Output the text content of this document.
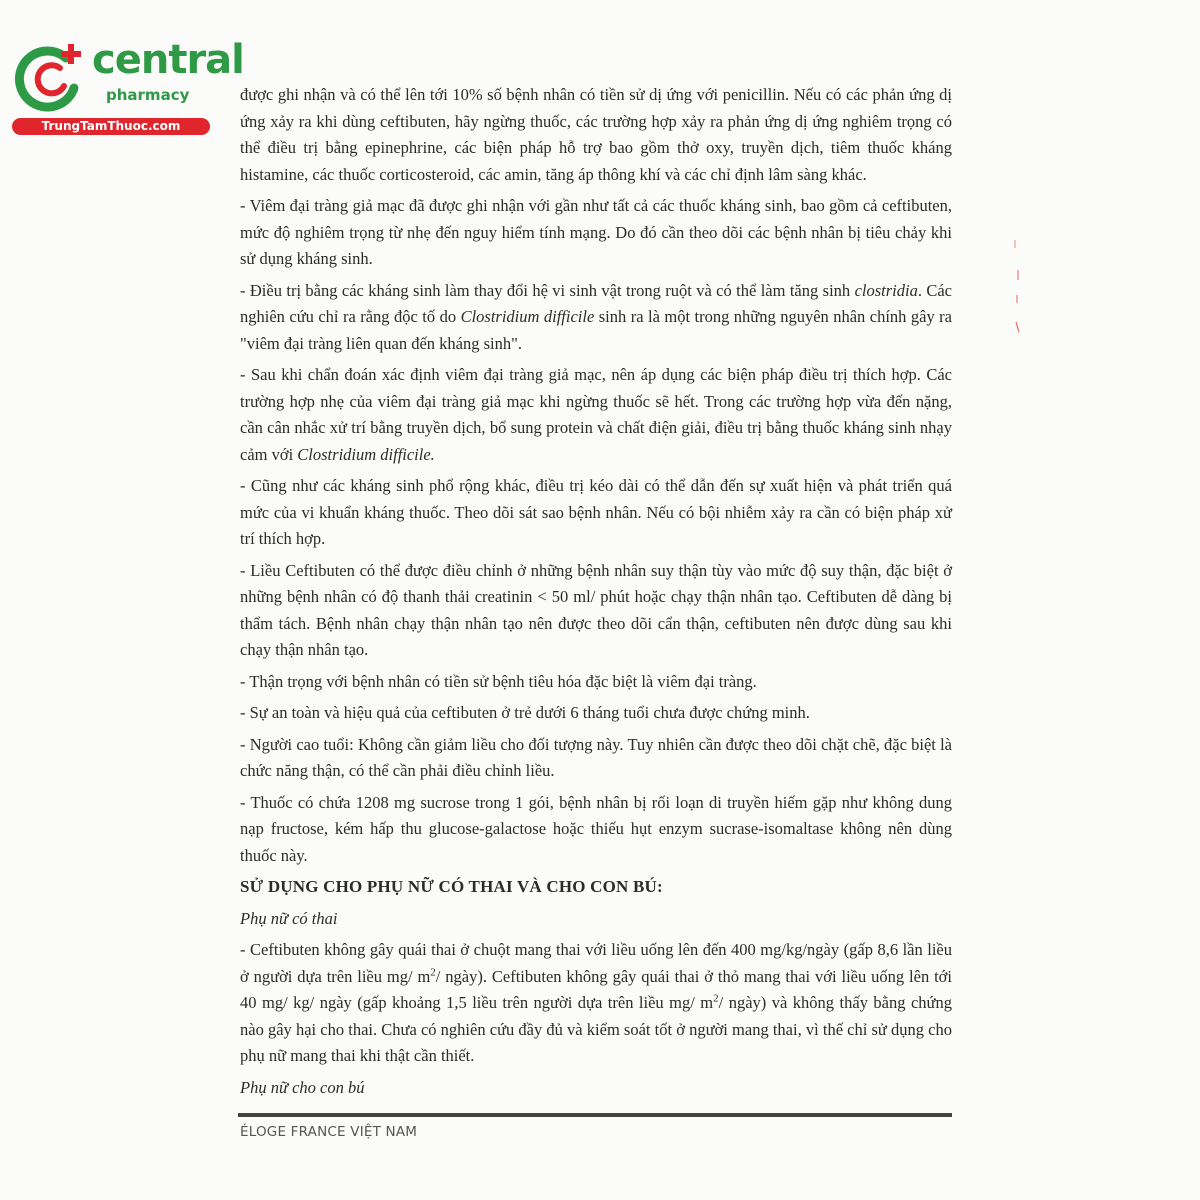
central
pharmacy
TrungTamThuoc.com

được ghi nhận và có thể lên tới 10% số bệnh nhân có tiền sử dị ứng với penicillin. Nếu có các phản ứng dị ứng xảy ra khi dùng ceftibuten, hãy ngừng thuốc, các trường hợp xảy ra phản ứng dị ứng nghiêm trọng có thể điều trị bằng epinephrine, các biện pháp hỗ trợ bao gồm thở oxy, truyền dịch, tiêm thuốc kháng histamine, các thuốc corticosteroid, các amin, tăng áp thông khí và các chỉ định lâm sàng khác.

- Viêm đại tràng giả mạc đã được ghi nhận với gần như tất cả các thuốc kháng sinh, bao gồm cả ceftibuten, mức độ nghiêm trọng từ nhẹ đến nguy hiểm tính mạng. Do đó cần theo dõi các bệnh nhân bị tiêu chảy khi sử dụng kháng sinh.

- Điều trị bằng các kháng sinh làm thay đổi hệ vi sinh vật trong ruột và có thể làm tăng sinh clostridia. Các nghiên cứu chỉ ra rằng độc tố do Clostridium difficile sinh ra là một trong những nguyên nhân chính gây ra "viêm đại tràng liên quan đến kháng sinh".

- Sau khi chẩn đoán xác định viêm đại tràng giả mạc, nên áp dụng các biện pháp điều trị thích hợp. Các trường hợp nhẹ của viêm đại tràng giả mạc khi ngừng thuốc sẽ hết. Trong các trường hợp vừa đến nặng, cần cân nhắc xử trí bằng truyền dịch, bổ sung protein và chất điện giải, điều trị bằng thuốc kháng sinh nhạy cảm với Clostridium difficile.

- Cũng như các kháng sinh phổ rộng khác, điều trị kéo dài có thể dẫn đến sự xuất hiện và phát triển quá mức của vi khuẩn kháng thuốc. Theo dõi sát sao bệnh nhân. Nếu có bội nhiễm xảy ra cần có biện pháp xử trí thích hợp.

- Liều Ceftibuten có thể được điều chỉnh ở những bệnh nhân suy thận tùy vào mức độ suy thận, đặc biệt ở những bệnh nhân có độ thanh thải creatinin < 50 ml/ phút hoặc chạy thận nhân tạo. Ceftibuten dễ dàng bị thẩm tách. Bệnh nhân chạy thận nhân tạo nên được theo dõi cẩn thận, ceftibuten nên được dùng sau khi chạy thận nhân tạo.

- Thận trọng với bệnh nhân có tiền sử bệnh tiêu hóa đặc biệt là viêm đại tràng.

- Sự an toàn và hiệu quả của ceftibuten ở trẻ dưới 6 tháng tuổi chưa được chứng minh.

- Người cao tuổi: Không cần giảm liều cho đối tượng này. Tuy nhiên cần được theo dõi chặt chẽ, đặc biệt là chức năng thận, có thể cần phải điều chỉnh liều.

- Thuốc có chứa 1208 mg sucrose trong 1 gói, bệnh nhân bị rối loạn di truyền hiếm gặp như không dung nạp fructose, kém hấp thu glucose-galactose hoặc thiếu hụt enzym sucrase-isomaltase không nên dùng thuốc này.

SỬ DỤNG CHO PHỤ NỮ CÓ THAI VÀ CHO CON BÚ:

Phụ nữ có thai

- Ceftibuten không gây quái thai ở chuột mang thai với liều uống lên đến 400 mg/kg/ngày (gấp 8,6 lần liều ở người dựa trên liều mg/ $m^2/$ ngày). Ceftibuten không gây quái thai ở thỏ mang thai với liều uống lên tới 40 mg/ kg/ ngày (gấp khoảng 1,5 liều trên người dựa trên liều mg/ $m^2/$ ngày) và không thấy bằng chứng nào gây hại cho thai. Chưa có nghiên cứu đầy đủ và kiểm soát tốt ở người mang thai, vì thế chỉ sử dụng cho phụ nữ mang thai khi thật cần thiết.

Phụ nữ cho con bú

ÉLOGE FRANCE VIỆT NAM
